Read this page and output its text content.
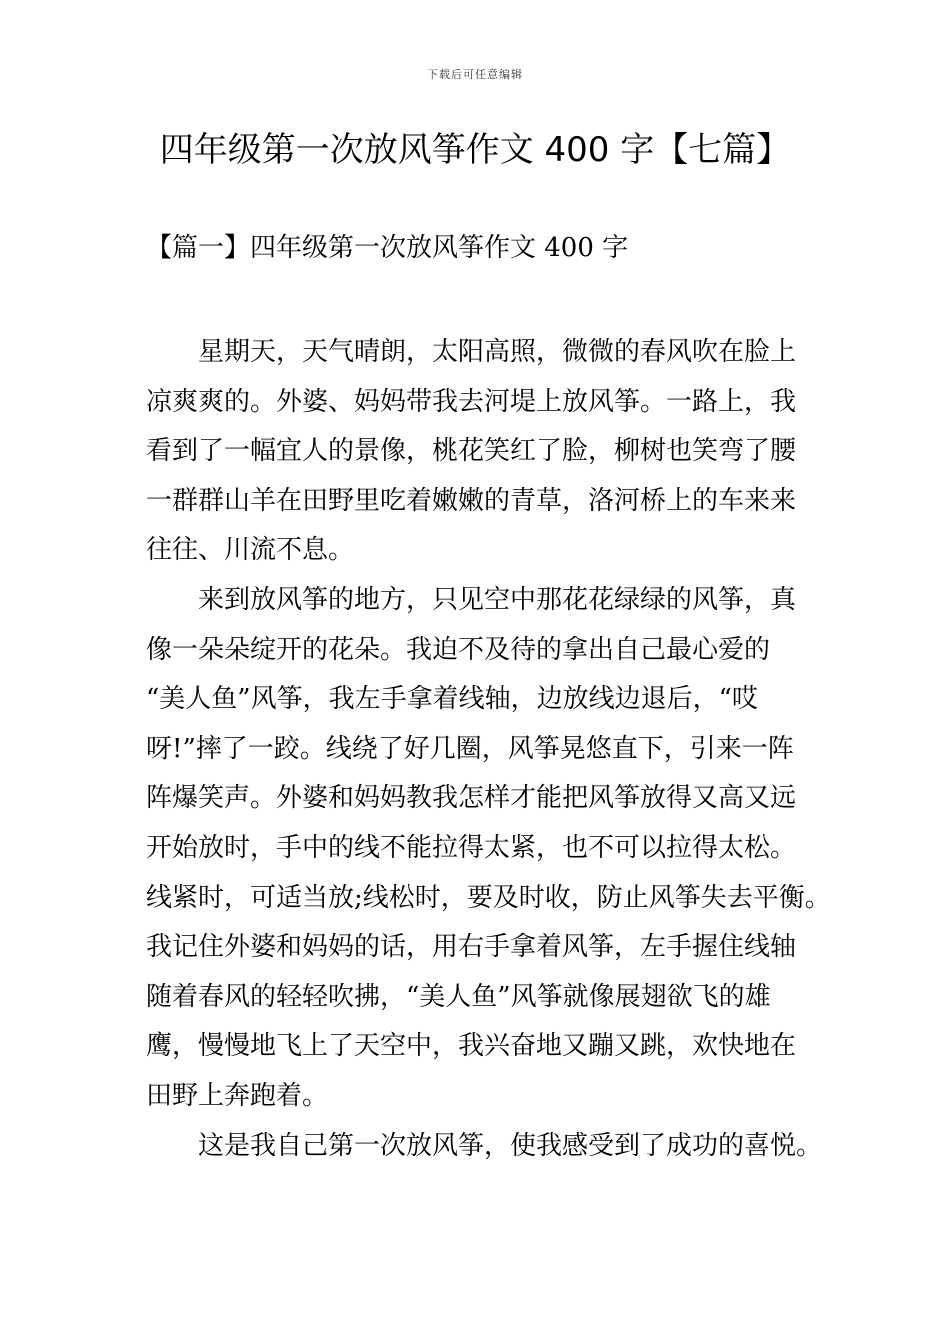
下载后可任意编辑
四年级第一次放风筝作文 400 字【七篇】
【篇一】四年级第一次放风筝作文 400 字
星期天，天气晴朗，太阳高照，微微的春风吹在脸上
凉爽爽的。外婆、妈妈带我去河堤上放风筝。一路上，我
看到了一幅宜人的景像，桃花笑红了脸，柳树也笑弯了腰
一群群山羊在田野里吃着嫩嫩的青草，洛河桥上的车来来
往往、川流不息。
来到放风筝的地方，只见空中那花花绿绿的风筝，真
像一朵朵绽开的花朵。我迫不及待的拿出自己最心爱的
“美人鱼”风筝，我左手拿着线轴，边放线边退后，“哎
呀!”摔了一跤。线绕了好几圈，风筝晃悠直下，引来一阵
阵爆笑声。外婆和妈妈教我怎样才能把风筝放得又高又远
开始放时，手中的线不能拉得太紧，也不可以拉得太松。
线紧时，可适当放;线松时，要及时收，防止风筝失去平衡。
我记住外婆和妈妈的话，用右手拿着风筝，左手握住线轴
随着春风的轻轻吹拂，“美人鱼”风筝就像展翅欲飞的雄
鹰，慢慢地飞上了天空中，我兴奋地又蹦又跳，欢快地在
田野上奔跑着。
这是我自己第一次放风筝，使我感受到了成功的喜悦。
